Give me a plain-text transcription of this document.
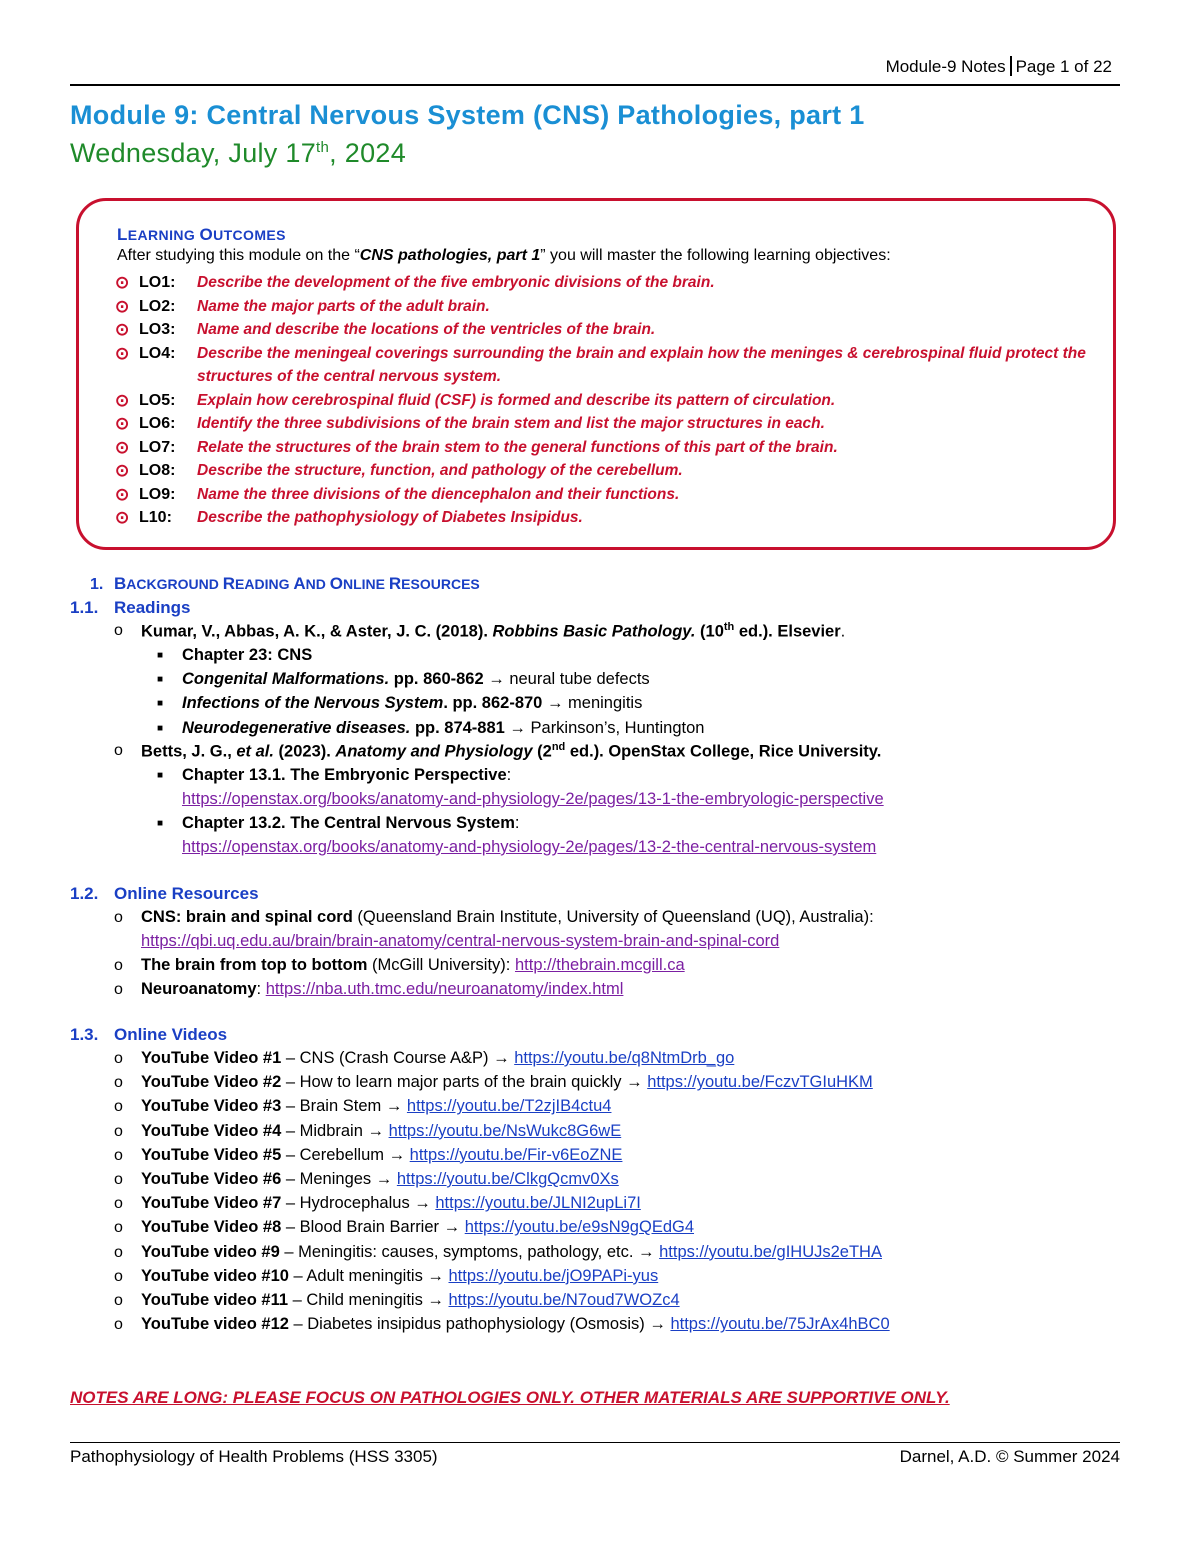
Module-9 Notes Page 1 of 22
Module 9: Central Nervous System (CNS) Pathologies, part 1
Wednesday, July 17th, 2024
LEARNING OUTCOMES
After studying this module on the “CNS pathologies, part 1” you will master the following learning objectives:
⊙ LO1: Describe the development of the five embryonic divisions of the brain.
⊙ LO2: Name the major parts of the adult brain.
⊙ LO3: Name and describe the locations of the ventricles of the brain.
⊙ LO4: Describe the meningeal coverings surrounding the brain and explain how the meninges & cerebrospinal fluid protect the structures of the central nervous system.
⊙ LO5: Explain how cerebrospinal fluid (CSF) is formed and describe its pattern of circulation.
⊙ LO6: Identify the three subdivisions of the brain stem and list the major structures in each.
⊙ LO7: Relate the structures of the brain stem to the general functions of this part of the brain.
⊙ LO8: Describe the structure, function, and pathology of the cerebellum.
⊙ LO9: Name the three divisions of the diencephalon and their functions.
⊙ L10: Describe the pathophysiology of Diabetes Insipidus.
1. BACKGROUND READING AND ONLINE RESOURCES
1.1. Readings
o Kumar, V., Abbas, A. K., & Aster, J. C. (2018). Robbins Basic Pathology. (10th ed.). Elsevier.
■ Chapter 23: CNS
■ Congenital Malformations. pp. 860-862 → neural tube defects
■ Infections of the Nervous System. pp. 862-870 → meningitis
■ Neurodegenerative diseases. pp. 874-881 → Parkinson’s, Huntington
o Betts, J. G., et al. (2023). Anatomy and Physiology (2nd ed.). OpenStax College, Rice University.
■ Chapter 13.1. The Embryonic Perspective:
https://openstax.org/books/anatomy-and-physiology-2e/pages/13-1-the-embryologic-perspective
■ Chapter 13.2. The Central Nervous System:
https://openstax.org/books/anatomy-and-physiology-2e/pages/13-2-the-central-nervous-system
1.2. Online Resources
o CNS: brain and spinal cord (Queensland Brain Institute, University of Queensland (UQ), Australia):
https://qbi.uq.edu.au/brain/brain-anatomy/central-nervous-system-brain-and-spinal-cord
o The brain from top to bottom (McGill University): http://thebrain.mcgill.ca
o Neuroanatomy: https://nba.uth.tmc.edu/neuroanatomy/index.html
1.3. Online Videos
o YouTube Video #1 – CNS (Crash Course A&P) → https://youtu.be/q8NtmDrb_go
o YouTube Video #2 – How to learn major parts of the brain quickly → https://youtu.be/FczvTGIuHKM
o YouTube Video #3 – Brain Stem → https://youtu.be/T2zjIB4ctu4
o YouTube Video #4 – Midbrain → https://youtu.be/NsWukc8G6wE
o YouTube Video #5 – Cerebellum → https://youtu.be/Fir-v6EoZNE
o YouTube Video #6 – Meninges → https://youtu.be/ClkgQcmv0Xs
o YouTube Video #7 – Hydrocephalus → https://youtu.be/JLNI2upLi7I
o YouTube Video #8 – Blood Brain Barrier → https://youtu.be/e9sN9gQEdG4
o YouTube video #9 – Meningitis: causes, symptoms, pathology, etc. → https://youtu.be/gIHUJs2eTHA
o YouTube video #10 – Adult meningitis → https://youtu.be/jO9PAPi-yus
o YouTube video #11 – Child meningitis → https://youtu.be/N7oud7WOZc4
o YouTube video #12 – Diabetes insipidus pathophysiology (Osmosis) → https://youtu.be/75JrAx4hBC0
NOTES ARE LONG: PLEASE FOCUS ON PATHOLOGIES ONLY. OTHER MATERIALS ARE SUPPORTIVE ONLY.
Pathophysiology of Health Problems (HSS 3305)	Darnel, A.D. © Summer 2024
